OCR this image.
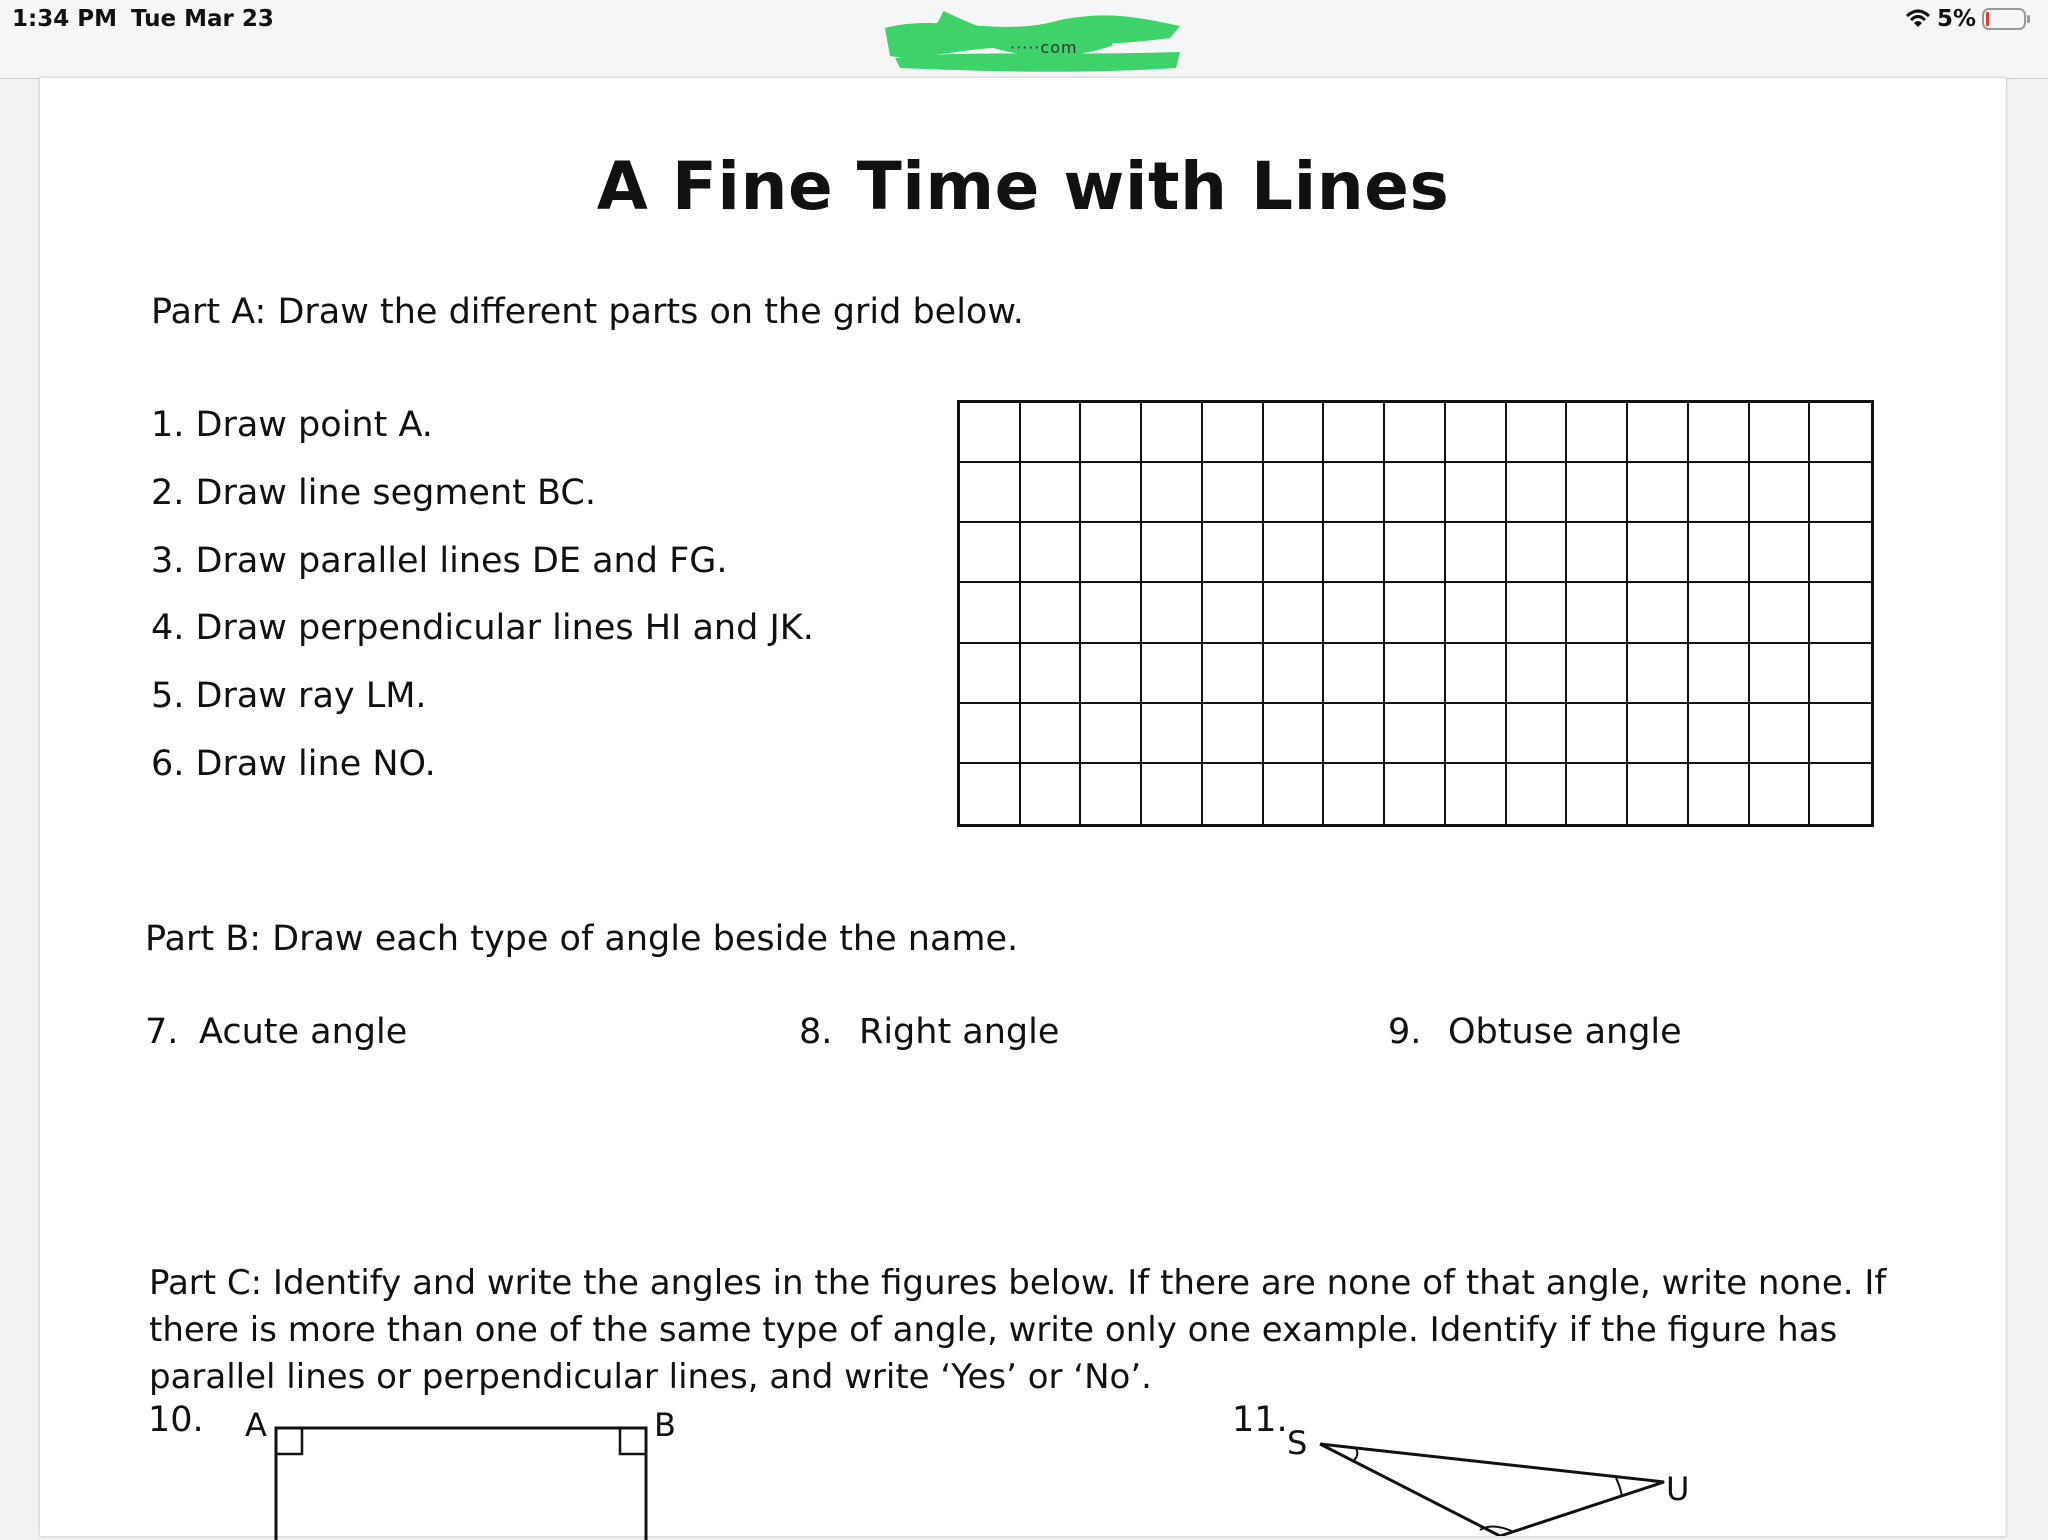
1:34 PM Tue Mar 23
·····com
5%
A Fine Time with Lines
Part A: Draw the different parts on the grid below.
1. Draw point A.
2. Draw line segment BC.
3. Draw parallel lines DE and FG.
4. Draw perpendicular lines HI and JK.
5. Draw ray LM.
6. Draw line NO.
Part B: Draw each type of angle beside the name.
7. Acute angle	8. Right angle	9. Obtuse angle
Part C: Identify and write the angles in the figures below. If there are none of that angle, write none. If
there is more than one of the same type of angle, write only one example. Identify if the figure has
parallel lines or perpendicular lines, and write ‘Yes’ or ‘No’.
10. A	B	11.
S
U
